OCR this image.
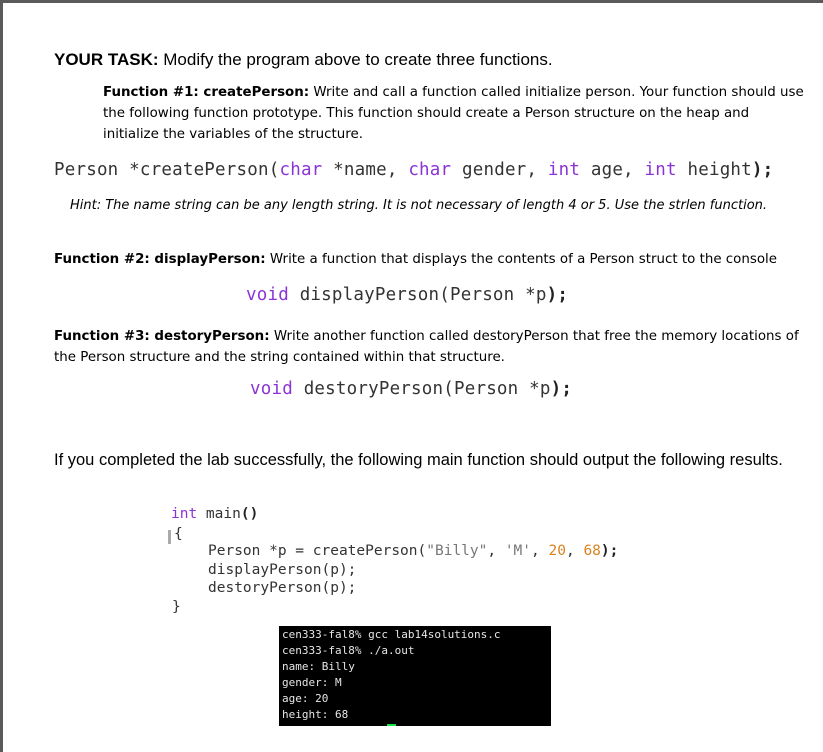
YOUR TASK: Modify the program above to create three functions.
Function #1: createPerson: Write and call a function called initialize person. Your function should use
the following function prototype. This function should create a Person structure on the heap and
initialize the variables of the structure.
Person *createPerson(char *name, char gender, int age, int height);
Hint: The name string can be any length string. It is not necessary of length 4 or 5. Use the strlen function.
Function #2: displayPerson: Write a function that displays the contents of a Person struct to the console
void displayPerson(Person *p);
Function #3: destoryPerson: Write another function called destoryPerson that free the memory locations of
the Person structure and the string contained within that structure.
void destoryPerson(Person *p);
If you completed the lab successfully, the following main function should output the following results.
int main()
{
Person *p = createPerson("Billy", 'M', 20, 68);
displayPerson(p);
destoryPerson(p);
}
cen333-fal8% gcc lab14solutions.c
cen333-fal8% ./a.out
name: Billy
gender: M
age: 20
height: 68
